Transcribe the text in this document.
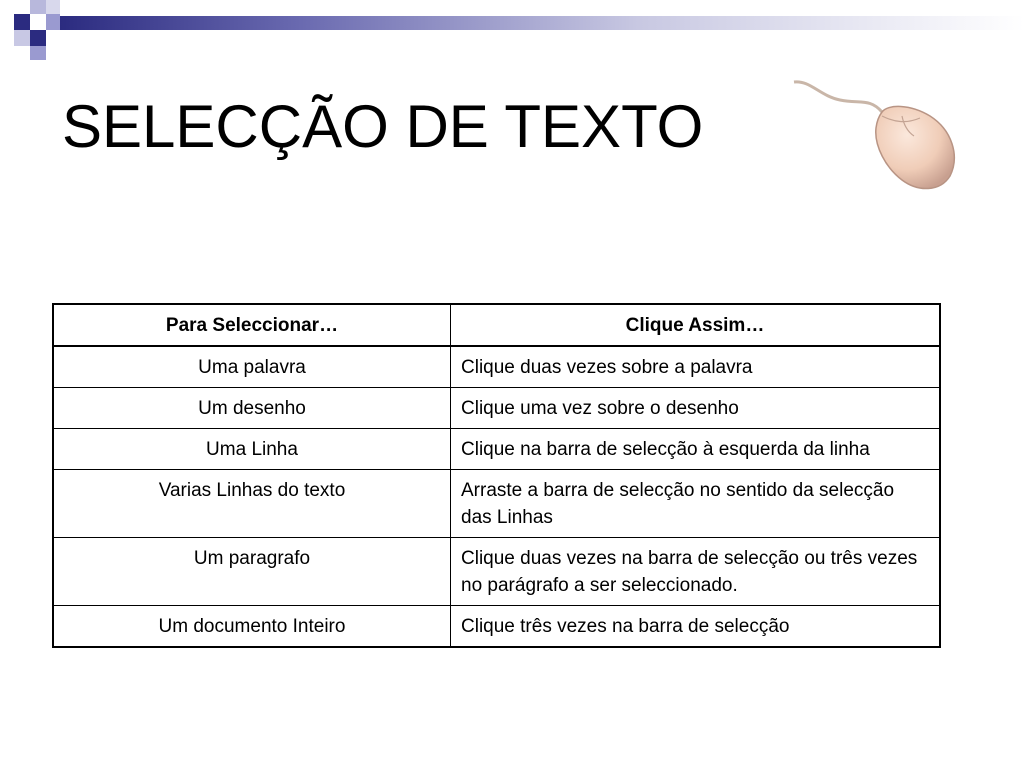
SELECÇÃO DE TEXTO
Para Seleccionar…	Clique Assim…
Uma palavra	Clique duas vezes sobre a palavra
Um desenho	Clique uma vez sobre o desenho
Uma Linha	Clique na barra de selecção à esquerda da linha
Varias Linhas do texto	Arraste a barra de selecção no sentido da selecção das Linhas
Um paragrafo	Clique duas vezes na barra de selecção ou três vezes no parágrafo a ser seleccionado.
Um documento Inteiro	Clique três vezes na barra de selecção
